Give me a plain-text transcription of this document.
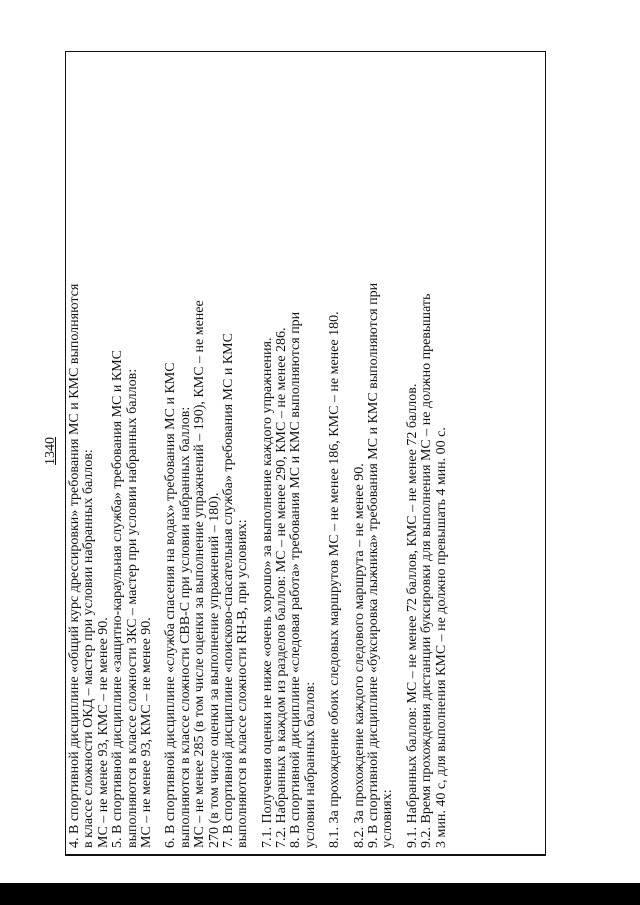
1340 4. В спортивной дисциплине «общий курс дрессировки» требования МС и КМС выполняются в классе сложности ОКД – мастер при условии набранных баллов: МС – не менее 93, КМС – не менее 90. 5. В спортивной дисциплине «защитно-караульная служба» требования МС и КМС выполняются в классе сложности ЗКС – мастер при условии набранных баллов: МС – не менее 93, КМС – не менее 90. 6. В спортивной дисциплине «служба спасения на водах» требования МС и КМС выполняются в классе сложности СВВ-С при условии набранных баллов: МС – не менее 285 (в том числе оценки за выполнение упражнений – 190), КМС – не менее 270 (в том числе оценки за выполнение упражнений – 180). 7. В спортивной дисциплине «поисково-спасательная служба» требования МС и КМС выполняются в классе сложности RH-B, при условиях: 7.1. Получения оценки не ниже «очень хорошо» за выполнение каждого упражнения. 7.2. Набранных в каждом из разделов баллов: МС – не менее 290, КМС – не менее 286. 8. В спортивной дисциплине «следовая работа» требования МС и КМС выполняются при условии набранных баллов: 8.1. За прохождение обоих следовых маршрутов МС – не менее 186, КМС – не менее 180. 8.2. За прохождение каждого следового маршрута – не менее 90. 9. В спортивной дисциплине «буксировка лыжника» требования МС и КМС выполняются при условиях: 9.1. Набранных баллов: МС – не менее 72 баллов, КМС – не менее 72 баллов. 9.2. Время прохождения дистанции буксировки для выполнения МС – не должно превышать 3 мин. 40 с, для выполнения КМС – не должно превышать 4 мин. 00 с.
